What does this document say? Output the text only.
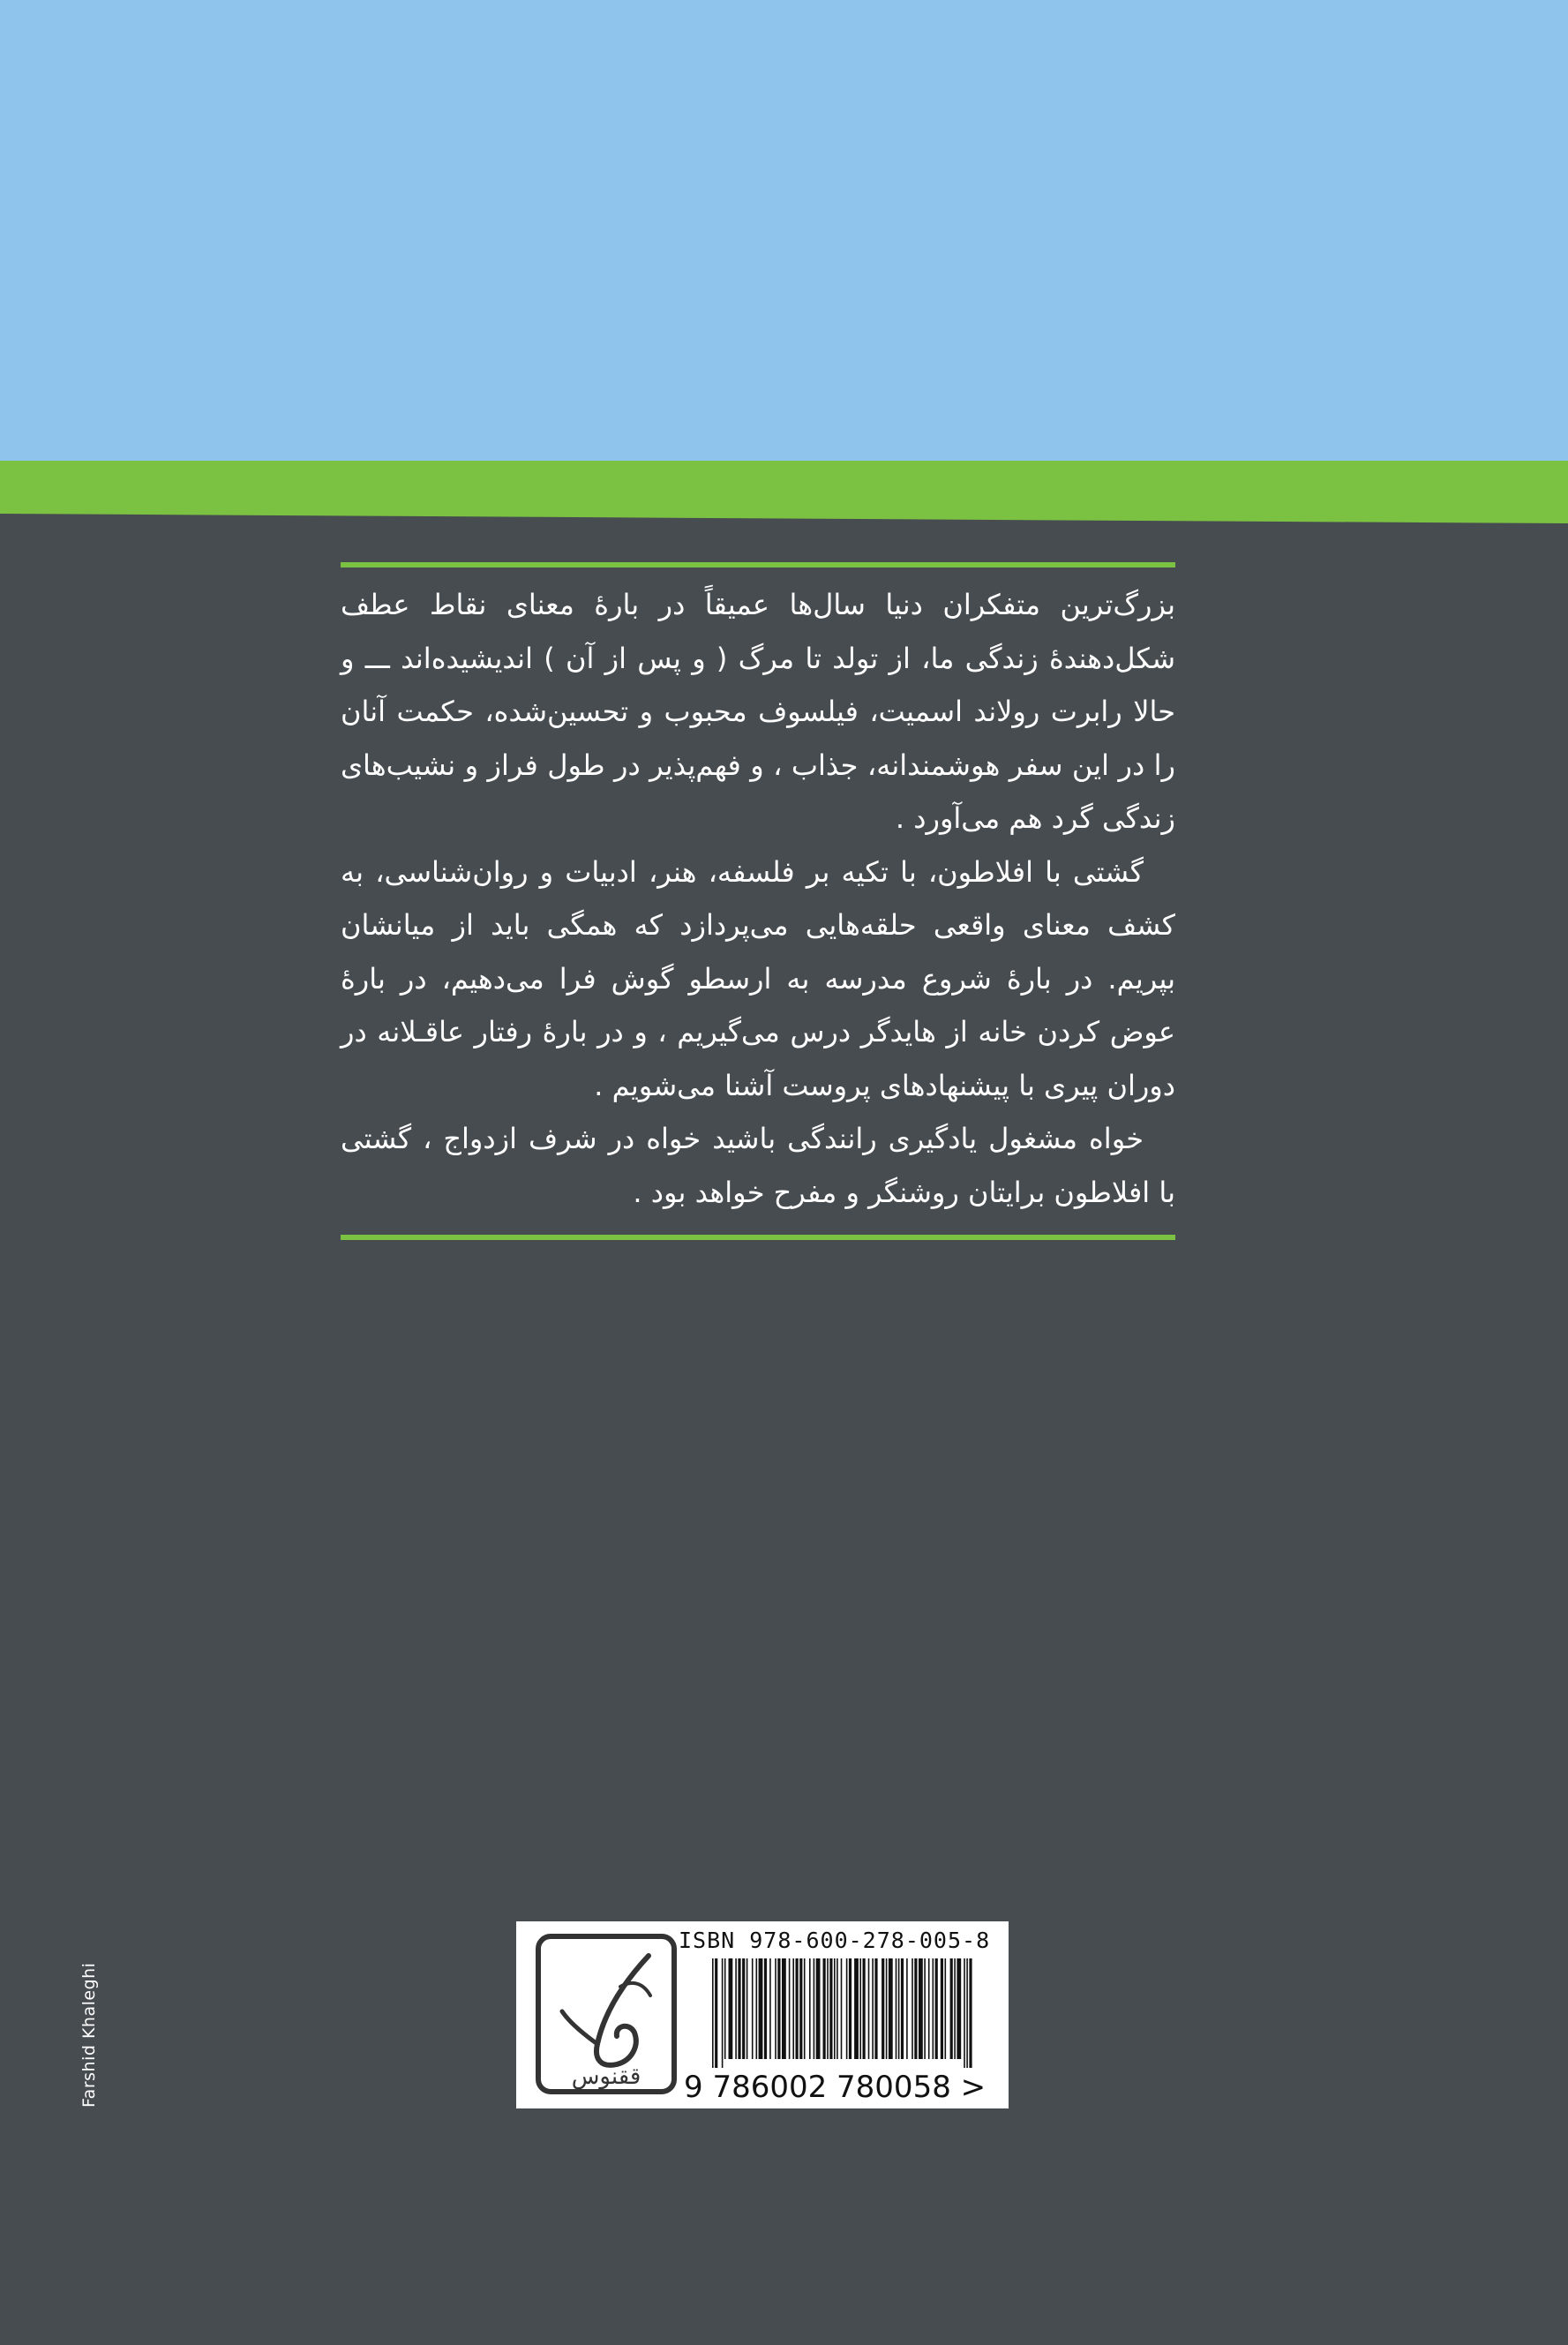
بزرگ‌ترین متفکران دنیا سال‌ها عمیقاً در بارهٔ معنای نقاط عطف شکل‌دهندهٔ زندگی ما، از تولد تا مرگ ( و پس از آن ) اندیشیده‌اند ـــ و حالا رابرت رولاند اسمیت، فیلسوف محبوب و تحسین‌شده، حکمت آنان را در این سفر هوشمندانه، جذاب ، و فهم‌پذیر در طول فراز و نشیب‌های زندگی گرد هم می‌آورد .

گشتی با افلاطون، با تکیه بر فلسفه، هنر، ادبیات و روان‌شناسی، به کشف معنای واقعی حلقه‌هایی می‌پردازد که همگی باید از میانشان بپریم. در بارهٔ شروع مدرسه به ارسطو گوش فرا می‌دهیم، در بارهٔ عوض کردن خانه از هایدگر درس می‌گیریم ، و در بارهٔ رفتار عاقـلانه در دوران پیری با پیشنهادهای پروست آشنا می‌شویم .

خواه مشغول یادگیری رانندگی باشید خواه در شرف ازدواج ، گشتی با افلاطون برایتان روشنگر و مفرح خواهد بود .

ققنوس
ISBN 978-600-278-005-8
9 786002 780058 >
Farshid Khaleghi
